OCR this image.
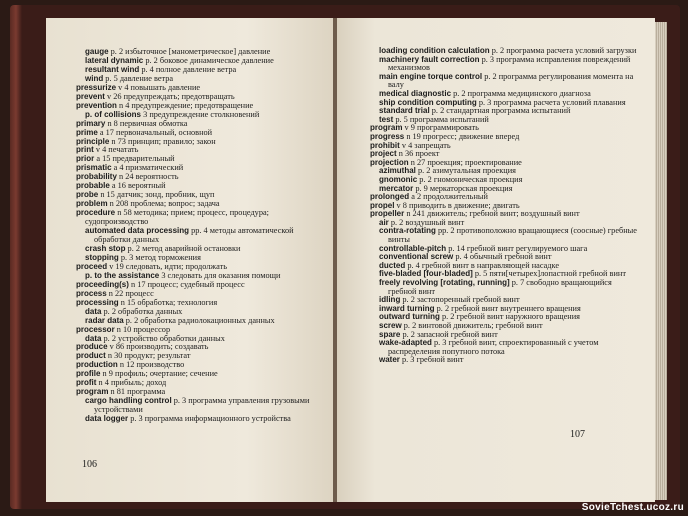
gauge p. 2 избыточное [манометрическое] давление

lateral dynamic p. 2 боковое динамическое давление

resultant wind p. 4 полное давление ветра

wind p. 5 давление ветра

pressurize v 4 повышать давление

prevent v 26 предупреждать; предотвращать

prevention n 4 предупреждение; предотвращение

p. of collisions 3 предупреждение столкновений

primary n 8 первичная обмотка

prime a 17 первоначальный, основной

principle n 73 принцип; правило; закон

print v 4 печатать

prior a 15 предварительный

prismatic a 4 призматический

probability n 24 вероятность

probable a 16 вероятный

probe n 15 датчик; зонд, пробник, щуп

problem n 208 проблема; вопрос; задача

procedure n 58 методика; прием; процесс, процедура; судопроизводство

automated data processing pp. 4 методы автоматической обработки данных

crash stop p. 2 метод аварийной остановки

stopping p. 3 метод торможения

proceed v 19 следовать, идти; продолжать

p. to the assistance 3 следовать для оказания помощи

proceeding(s) n 17 процесс; судебный процесс

process n 22 процесс

processing n 15 обработка; технология

data p. 2 обработка данных

radar data p. 2 обработка радиолокационных данных

processor n 10 процессор

data p. 2 устройство обработки данных

produce v 86 производить; создавать

product n 30 продукт; результат

production n 12 производство

profile n 9 профиль; очертание; сечение

profit n 4 прибыль; доход

program n 81 программа

cargo handling control p. 3 программа управления грузовыми устройствами

data logger p. 3 программа информационного устройства

106

loading condition calculation p. 2 программа расчета условий загрузки

machinery fault correction p. 3 программа исправления повреждений механизмов

main engine torque control p. 2 программа регулирования момента на валу

medical diagnostic p. 2 программа медицинского диагноза

ship condition computing p. 3 программа расчета условий плавания

standard trial p. 2 стандартная программа испытаний

test p. 5 программа испытаний

program v 9 программировать

progress n 19 прогресс; движение вперед

prohibit v 4 запрещать

project n 36 проект

projection n 27 проекция; проектирование

azimuthal p. 2 азимутальная проекция

gnomonic p. 2 гномоническая проекция

mercator p. 9 меркаторская проекция

prolonged a 2 продолжительный

propel v 8 приводить в движение; двигать

propeller n 241 движитель; гребной винт; воздушный винт

air p. 2 воздушный винт

contra-rotating pp. 2 противоположно вращающиеся (соосные) гребные винты

controllable-pitch p. 14 гребной винт регулируемого шага

conventional screw p. 4 обычный гребной винт

ducted p. 4 гребной винт в направляющей насадке

five-bladed [four-bladed] p. 5 пяти[четырех]лопастной гребной винт

freely revolving [rotating, running] p. 7 свободно вращающийся гребной винт

idling p. 2 застопоренный гребной винт

inward turning p. 2 гребной винт внутреннего вращения

outward turning p. 2 гребной винт наружного вращения

screw p. 2 винтовой движитель; гребной винт

spare p. 2 запасной гребной винт

wake-adapted p. 3 гребной винт, спроектированный с учетом распределения попутного потока

water p. 3 гребной винт

107
SovieTchest.ucoz.ru
